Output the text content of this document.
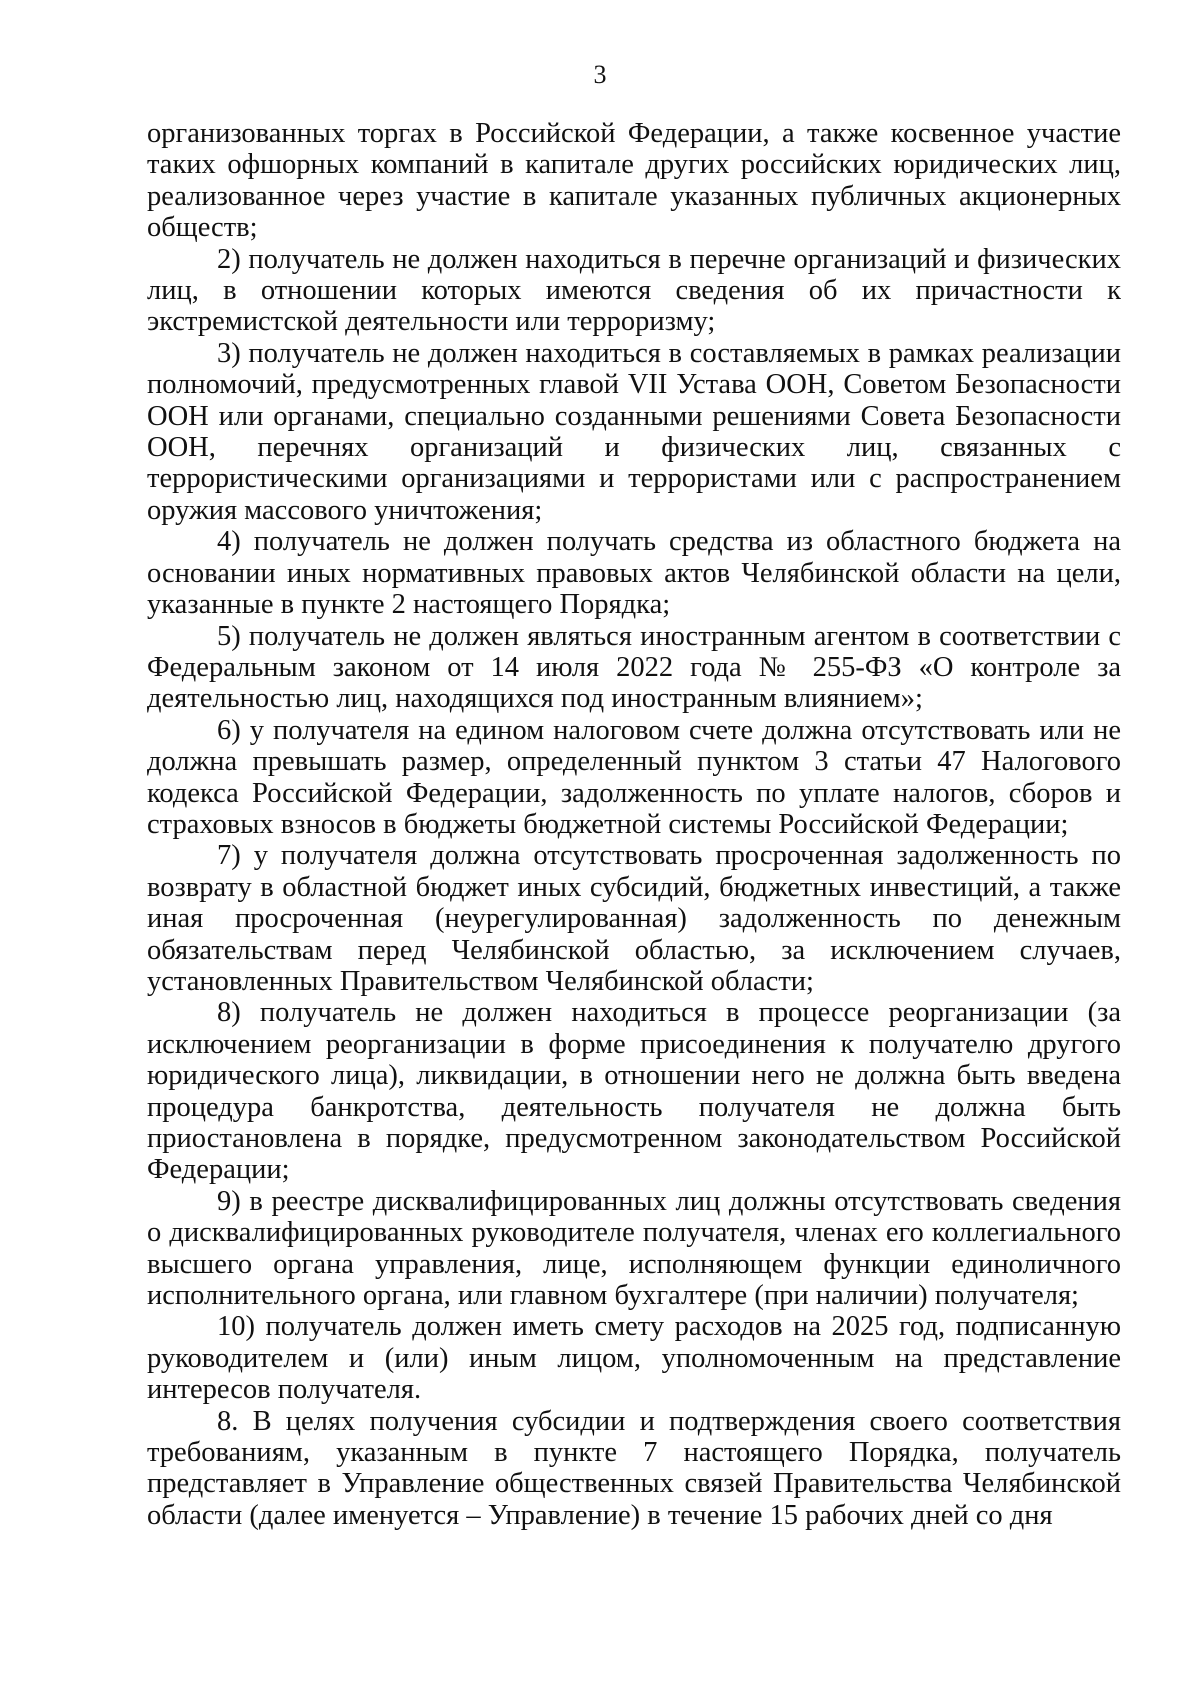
3

организованных торгах в Российской Федерации, а также косвенное участие таких офшорных компаний в капитале других российских юридических лиц, реализованное через участие в капитале указанных публичных акционерных обществ;

2) получатель не должен находиться в перечне организаций и физических лиц, в отношении которых имеются сведения об их причастности к экстремистской деятельности или терроризму;

3) получатель не должен находиться в составляемых в рамках реализации полномочий, предусмотренных главой VII Устава ООН, Советом Безопасности ООН или органами, специально созданными решениями Совета Безопасности ООН, перечнях организаций и физических лиц, связанных с террористическими организациями и террористами или с распространением оружия массового уничтожения;

4) получатель не должен получать средства из областного бюджета на основании иных нормативных правовых актов Челябинской области на цели, указанные в пункте 2 настоящего Порядка;

5) получатель не должен являться иностранным агентом в соответствии с Федеральным законом от 14 июля 2022 года № 255-ФЗ «О контроле за деятельностью лиц, находящихся под иностранным влиянием»;

6) у получателя на едином налоговом счете должна отсутствовать или не должна превышать размер, определенный пунктом 3 статьи 47 Налогового кодекса Российской Федерации, задолженность по уплате налогов, сборов и страховых взносов в бюджеты бюджетной системы Российской Федерации;

7) у получателя должна отсутствовать просроченная задолженность по возврату в областной бюджет иных субсидий, бюджетных инвестиций, а также иная просроченная (неурегулированная) задолженность по денежным обязательствам перед Челябинской областью, за исключением случаев, установленных Правительством Челябинской области;

8) получатель не должен находиться в процессе реорганизации (за исключением реорганизации в форме присоединения к получателю другого юридического лица), ликвидации, в отношении него не должна быть введена процедура банкротства, деятельность получателя не должна быть приостановлена в порядке, предусмотренном законодательством Российской Федерации;

9) в реестре дисквалифицированных лиц должны отсутствовать сведения о дисквалифицированных руководителе получателя, членах его коллегиального высшего органа управления, лице, исполняющем функции единоличного исполнительного органа, или главном бухгалтере (при наличии) получателя;

10) получатель должен иметь смету расходов на 2025 год, подписанную руководителем и (или) иным лицом, уполномоченным на представление интересов получателя.

8. В целях получения субсидии и подтверждения своего соответствия требованиям, указанным в пункте 7 настоящего Порядка, получатель представляет в Управление общественных связей Правительства Челябинской области (далее именуется – Управление) в течение 15 рабочих дней со дня
